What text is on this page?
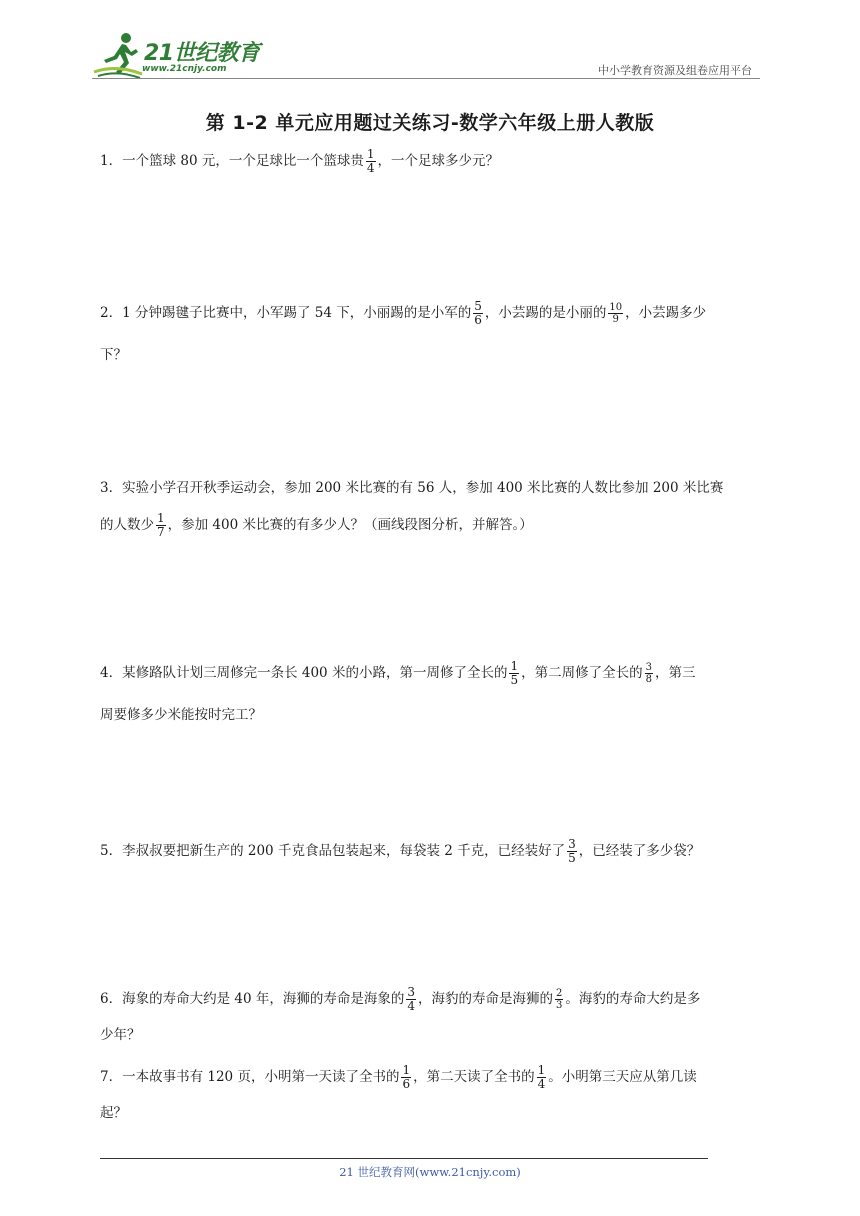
21世纪教育
www.21cnjy.com	中小学教育资源及组卷应用平台
第 1-2 单元应用题过关练习-数学六年级上册人教版
1．一个篮球 80 元，一个足球比一个篮球贵 $\frac{1}{4}$ ，一个足球多少元？
2．1 分钟踢毽子比赛中，小军踢了 54 下，小丽踢的是小军的 $\frac{5}{6}$ ，小芸踢的是小丽的 $\frac{10}{9}$ ，小芸踢多少
下？
3．实验小学召开秋季运动会，参加 200 米比赛的有 56 人，参加 400 米比赛的人数比参加 200 米比赛
的人数少 $\frac{1}{7}$ ，参加 400 米比赛的有多少人？（画线段图分析，并解答。）
4．某修路队计划三周修完一条长 400 米的小路，第一周修了全长的 $\frac{1}{5}$ ，第二周修了全长的 $\frac{3}{8}$ ，第三
周要修多少米能按时完工？
5．李叔叔要把新生产的 200 千克食品包装起来，每袋装 2 千克，已经装好了 $\frac{3}{5}$ ，已经装了多少袋？
6．海象的寿命大约是 40 年，海狮的寿命是海象的 $\frac{3}{4}$ ，海豹的寿命是海狮的 $\frac{2}{3}$ 。海豹的寿命大约是多
少年？
7．一本故事书有 120 页，小明第一天读了全书的 $\frac{1}{6}$ ，第二天读了全书的 $\frac{1}{4}$ 。小明第三天应从第几读
起？
21 世纪教育网(www.21cnjy.com)
